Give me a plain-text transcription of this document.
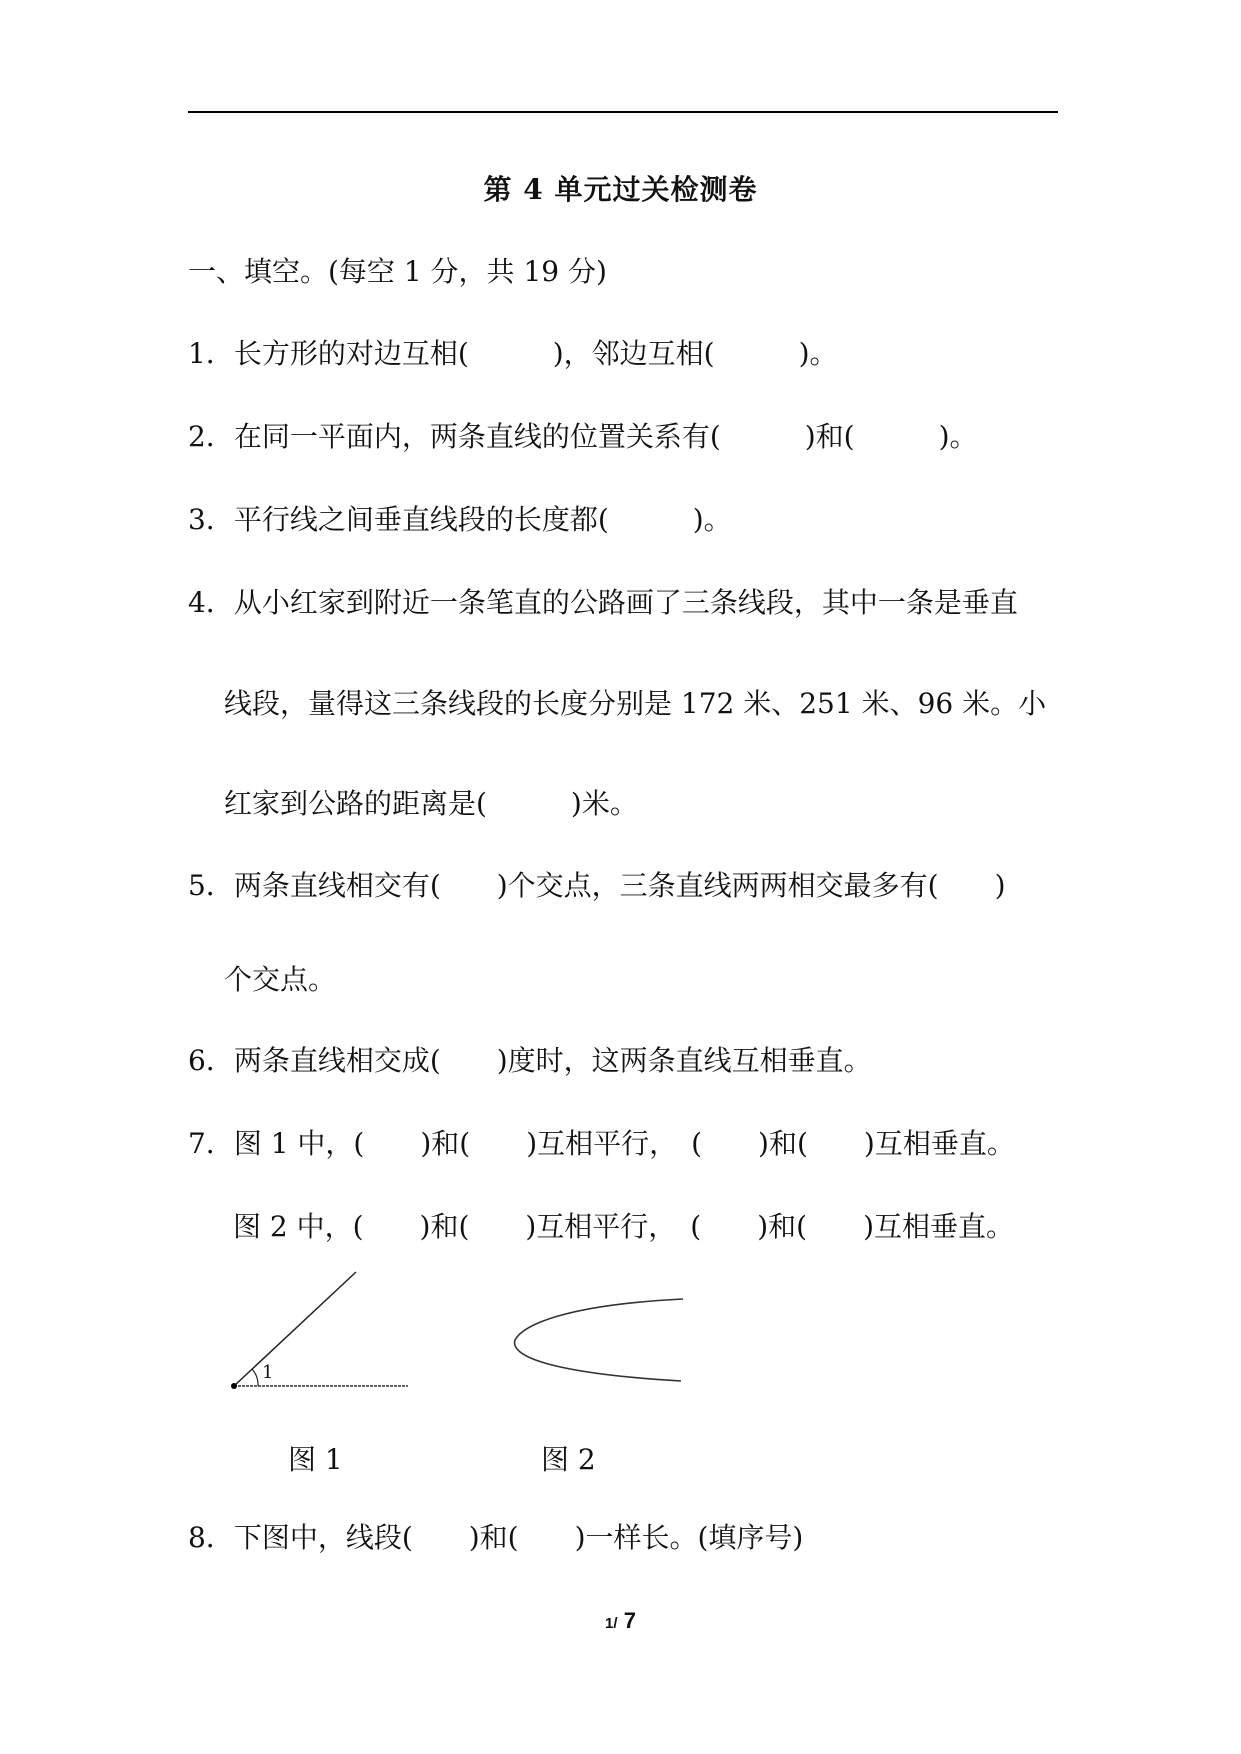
第 4 单元过关检测卷
一、填空。(每空 1 分，共 19 分)
1．长方形的对边互相(　　　)，邻边互相(　　　)。
2．在同一平面内，两条直线的位置关系有(　　　)和(　　　)。
3．平行线之间垂直线段的长度都(　　　)。
4．从小红家到附近一条笔直的公路画了三条线段，其中一条是垂直
线段，量得这三条线段的长度分别是 172 米、251 米、96 米。小
红家到公路的距离是(　　　)米。
5．两条直线相交有(　　)个交点，三条直线两两相交最多有(　　)
个交点。
6．两条直线相交成(　　)度时，这两条直线互相垂直。
7．图 1 中，(　　)和(　　)互相平行，　(　　)和(　　)互相垂直。
图 2 中，(　　)和(　　)互相平行，　(　　)和(　　)互相垂直。
1
图 1	图 2
8．下图中，线段(　　)和(　　)一样长。(填序号)
1/ 7
